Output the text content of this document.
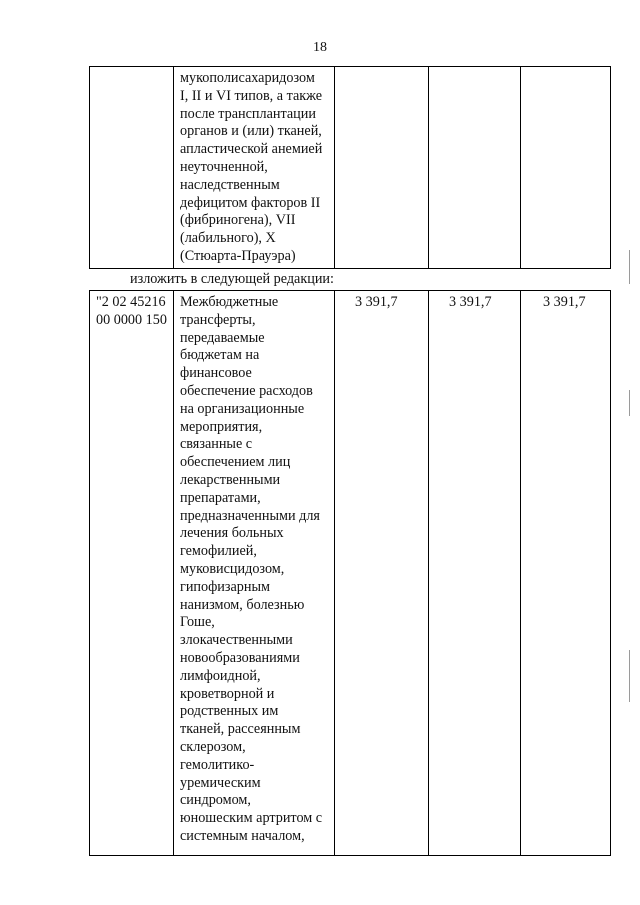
18
мукополисахаридозом
I, II и VI типов, а также
после трансплантации
органов и (или) тканей,
апластической анемией
неуточненной,
наследственным
дефицитом факторов II
(фибриногена), VII
(лабильного), X
(Стюарта-Прауэра)
изложить в следующей редакции:
"2 02 45216
00 0000 150
Межбюджетные
трансферты,
передаваемые
бюджетам на
финансовое
обеспечение расходов
на организационные
мероприятия,
связанные с
обеспечением лиц
лекарственными
препаратами,
предназначенными для
лечения больных
гемофилией,
муковисцидозом,
гипофизарным
нанизмом, болезнью
Гоше,
злокачественными
новообразованиями
лимфоидной,
кроветворной и
родственных им
тканей, рассеянным
склерозом,
гемолитико-
уремическим
синдромом,
юношеским артритом с
системным началом,
3 391,7	3 391,7	3 391,7
